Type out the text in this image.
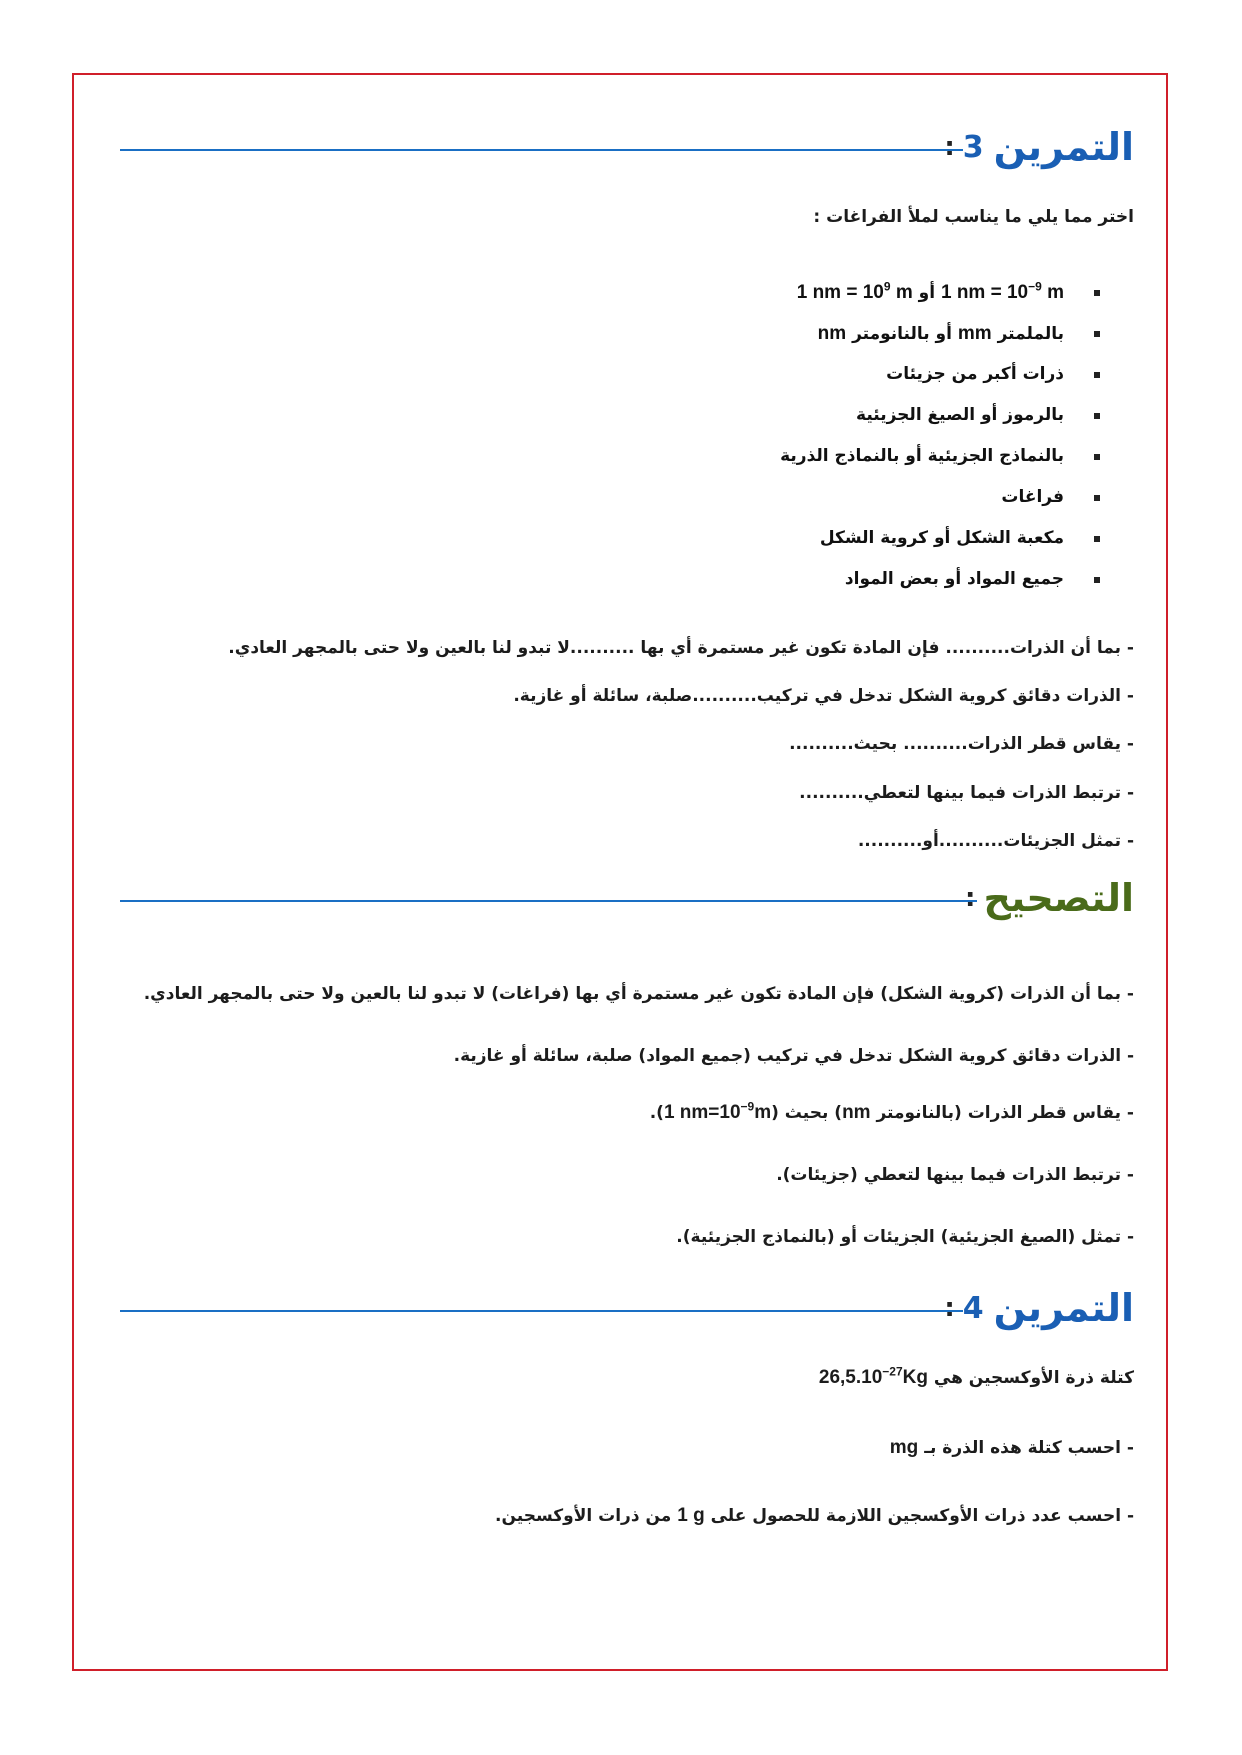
التمرين
3
:
اختر مما يلي ما يناسب لملأ الفراغات :
1 nm = $10^{-9}$ m أو 1 nm = $10^9$ m
بالملمتر mm أو بالنانومتر nm
ذرات أكبر من جزيئات
بالرموز أو الصيغ الجزيئية
بالنماذج الجزيئية أو بالنماذج الذرية
فراغات
مكعبة الشكل أو كروية الشكل
جميع المواد أو بعض المواد
- بما أن الذرات.......... فإن المادة تكون غير مستمرة أي بها ..........لا تبدو لنا بالعين ولا حتى بالمجهر العادي.
- الذرات دقائق كروية الشكل تدخل في تركيب..........صلبة، سائلة أو غازية.
- يقاس قطر الذرات.......... بحيث..........
- ترتبط الذرات فيما بينها لتعطي..........
- تمثل الجزيئات..........أو..........
التصحيح
:
- بما أن الذرات (كروية الشكل) فإن المادة تكون غير مستمرة أي بها (فراغات) لا تبدو لنا بالعين ولا حتى بالمجهر العادي.
- الذرات دقائق كروية الشكل تدخل في تركيب (جميع المواد) صلبة، سائلة أو غازية.
- يقاس قطر الذرات (بالنانومتر nm) بحيث (1 $nm=10^{-9}m$).
- ترتبط الذرات فيما بينها لتعطي (جزيئات).
- تمثل (الصيغ الجزيئية) الجزيئات أو (بالنماذج الجزيئية).
التمرين
4
:
كتلة ذرة الأوكسجين هي $26,5.10^{-27}Kg$
- احسب كتلة هذه الذرة بـ mg
- احسب عدد ذرات الأوكسجين اللازمة للحصول على 1 g من ذرات الأوكسجين.
